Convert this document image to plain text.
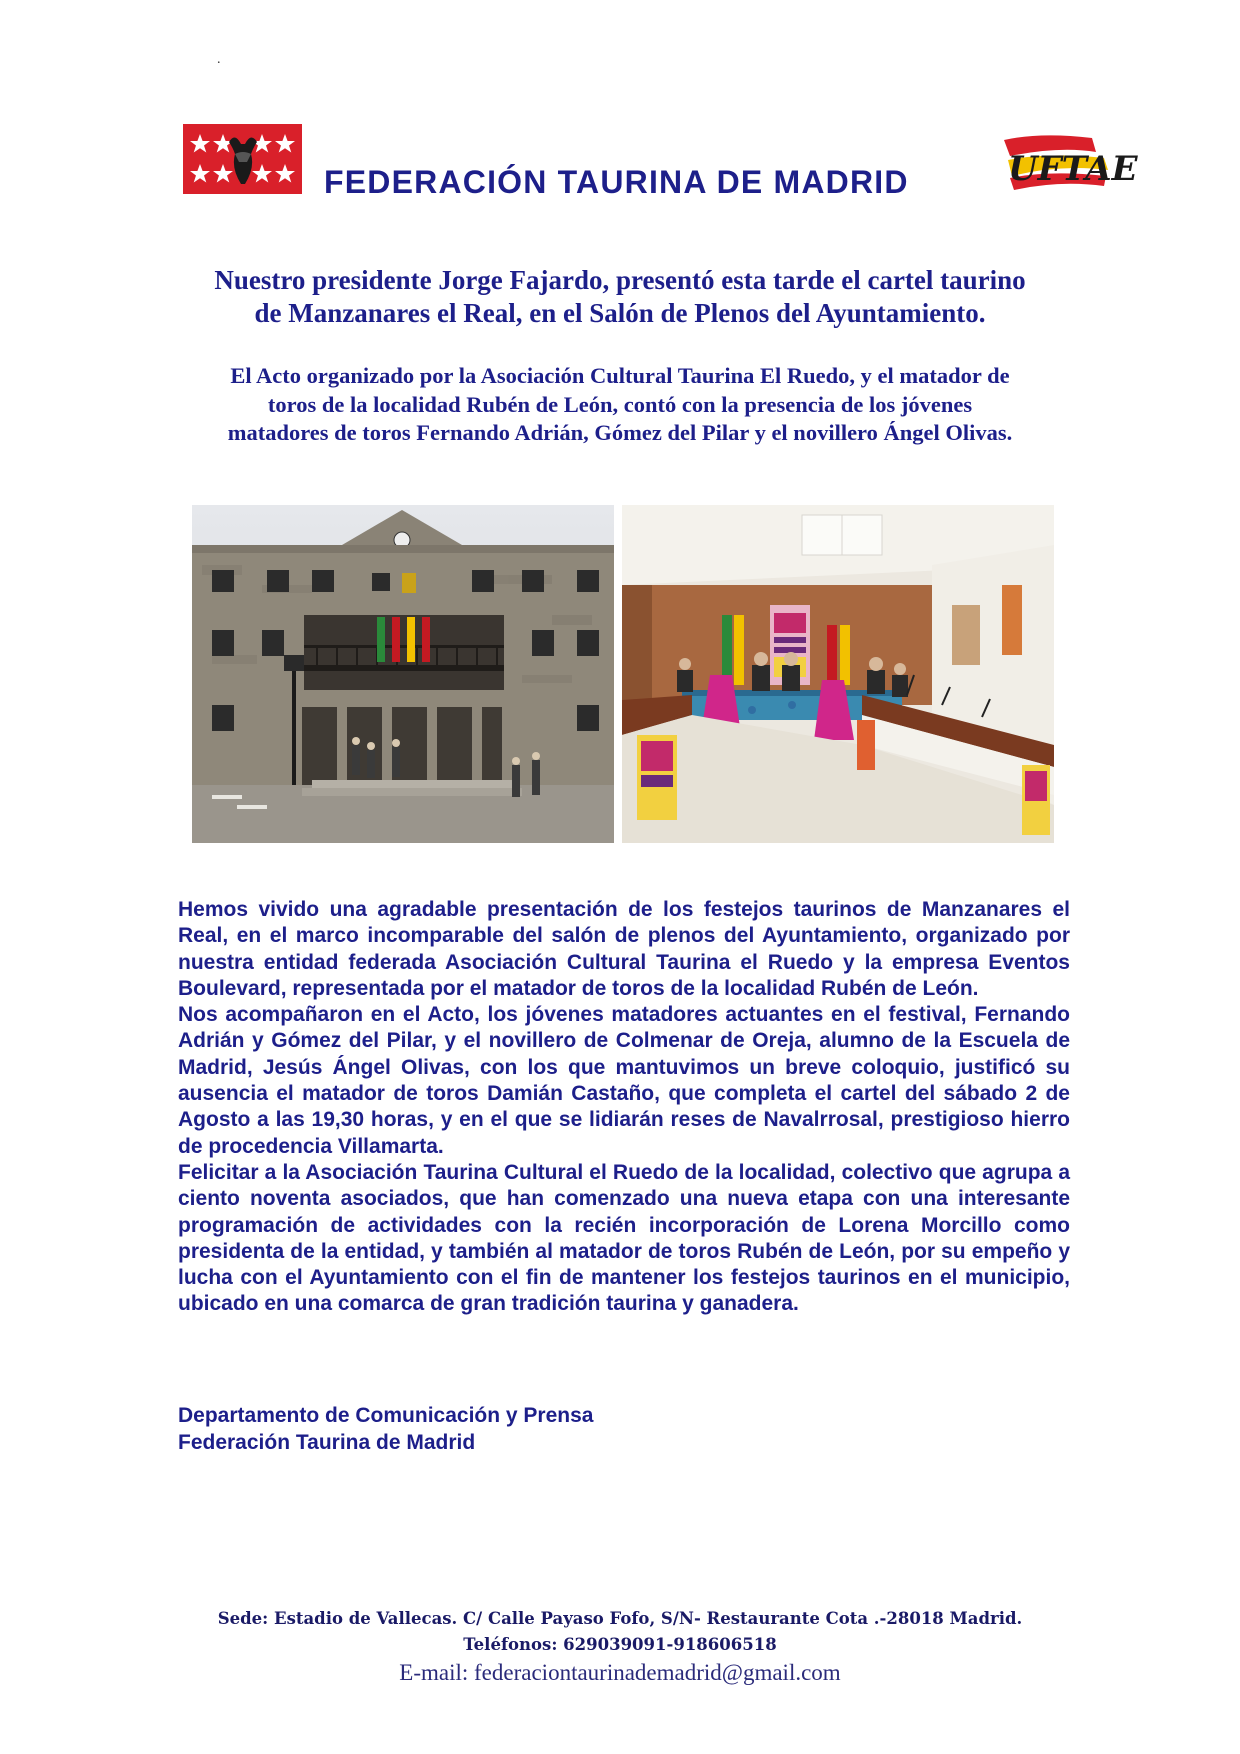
.
FEDERACIÓN TAURINA DE MADRID	UFTAE
Nuestro presidente Jorge Fajardo, presentó esta tarde el cartel taurino
de Manzanares el Real, en el Salón de Plenos del Ayuntamiento.
El Acto organizado por la Asociación Cultural Taurina El Ruedo, y el matador de
toros de la localidad Rubén de León, contó con la presencia de los jóvenes
matadores de toros Fernando Adrián, Gómez del Pilar y el novillero Ángel Olivas.

Hemos vivido una agradable presentación de los festejos taurinos de Manzanares el Real, en el marco incomparable del salón de plenos del Ayuntamiento, organizado por nuestra entidad federada Asociación Cultural Taurina el Ruedo y la empresa Eventos Boulevard, representada por el matador de toros de la localidad Rubén de León.

Nos acompañaron en el Acto, los jóvenes matadores actuantes en el festival, Fernando Adrián y Gómez del Pilar, y el novillero de Colmenar de Oreja, alumno de la Escuela de Madrid, Jesús Ángel Olivas, con los que mantuvimos un breve coloquio, justificó su ausencia el matador de toros Damián Castaño, que completa el cartel del sábado 2 de Agosto a las 19,30 horas, y en el que se lidiarán reses de Navalrrosal, prestigioso hierro de procedencia Villamarta.

Felicitar a la Asociación Taurina Cultural el Ruedo de la localidad, colectivo que agrupa a ciento noventa asociados, que han comenzado una nueva etapa con una interesante programación de actividades con la recién incorporación de Lorena Morcillo como presidenta de la entidad, y también al matador de toros Rubén de León, por su empeño y lucha con el Ayuntamiento con el fin de mantener los festejos taurinos en el municipio, ubicado en una comarca de gran tradición taurina y ganadera.

Departamento de Comunicación y Prensa
Federación Taurina de Madrid
Sede: Estadio de Vallecas. C/ Calle Payaso Fofo, S/N- Restaurante Cota .-28018 Madrid.
Teléfonos: 629039091-918606518
E-mail: federaciontaurinademadrid@gmail.com
